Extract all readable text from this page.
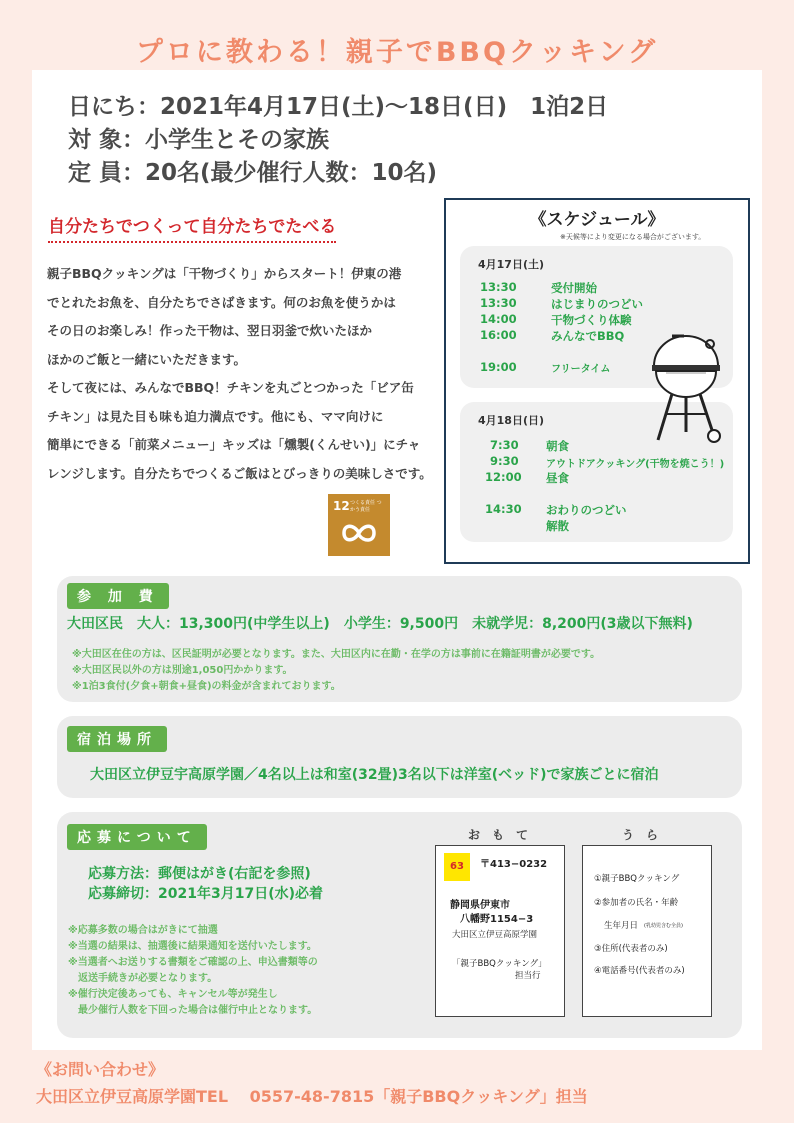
プロに教わる！親子でBBQクッキング
日にち：2021年4月17日(土)～18日(日)　1泊2日
対 象：小学生とその家族
定 員：20名(最少催行人数：10名)
自分たちでつくって自分たちでたべる
親子BBQクッキングは「干物づくり」からスタート！伊東の港
でとれたお魚を、自分たちでさばきます。何のお魚を使うかは
その日のお楽しみ！作った干物は、翌日羽釜で炊いたほか
ほかのご飯と一緒にいただきます。
そして夜には、みんなでBBQ！チキンを丸ごとつかった「ビア缶
チキン」は見た目も味も迫力満点です。他にも、ママ向けに
簡単にできる「前菜メニュー」キッズは「燻製(くんせい)」にチャ
レンジします。自分たちでつくるご飯はとびっきりの美味しさです。
12 つくる責任 つかう責任
《スケジュール》
※天候等により変更になる場合がございます。
4月17日(土)
13:30	受付開始
13:30	はじまりのつどい
14:00	干物づくり体験
16:00	みんなでBBQ
19:00	フリータイム
4月18日(日)
7:30 朝食
9:30	アウトドアクッキング(干物を焼こう！)
12:00 昼食
14:30 おわりのつどい
解散
参 加 費
大田区民　大人：13,300円(中学生以上)　小学生：9,500円　未就学児：8,200円(3歳以下無料)
※大田区在住の方は、区民証明が必要となります。また、大田区内に在勤・在学の方は事前に在籍証明書が必要です。
※大田区民以外の方は別途1,050円かかります。
※1泊3食付(夕食+朝食+昼食)の料金が含まれております。
宿泊場所
大田区立伊豆宇高原学園／4名以上は和室(32畳)3名以下は洋室(ベッド)で家族ごとに宿泊
応募について
応募方法：郵便はがき(右記を参照)
応募締切：2021年3月17日(水)必着
※応募多数の場合はがきにて抽選
※当選の結果は、抽選後に結果通知を送付いたします。
※当選者へお送りする書類をご確認の上、申込書類等の
　返送手続きが必要となります。
※催行決定後あっても、キャンセル等が発生し
　最少催行人数を下回った場合は催行中止となります。
おもて
63	〒413−0232
静岡県伊東市
八幡野1154−3
大田区立伊豆高原学園
「親子BBQクッキング」
担当行
うら
①親子BBQクッキング
②参加者の氏名・年齢
生年月日 (乳幼児含む全員)
③住所(代表者のみ)
④電話番号(代表者のみ)
《お問い合わせ》
大田区立伊豆高原学園TEL　 0557-48-7815「親子BBQクッキング」担当
